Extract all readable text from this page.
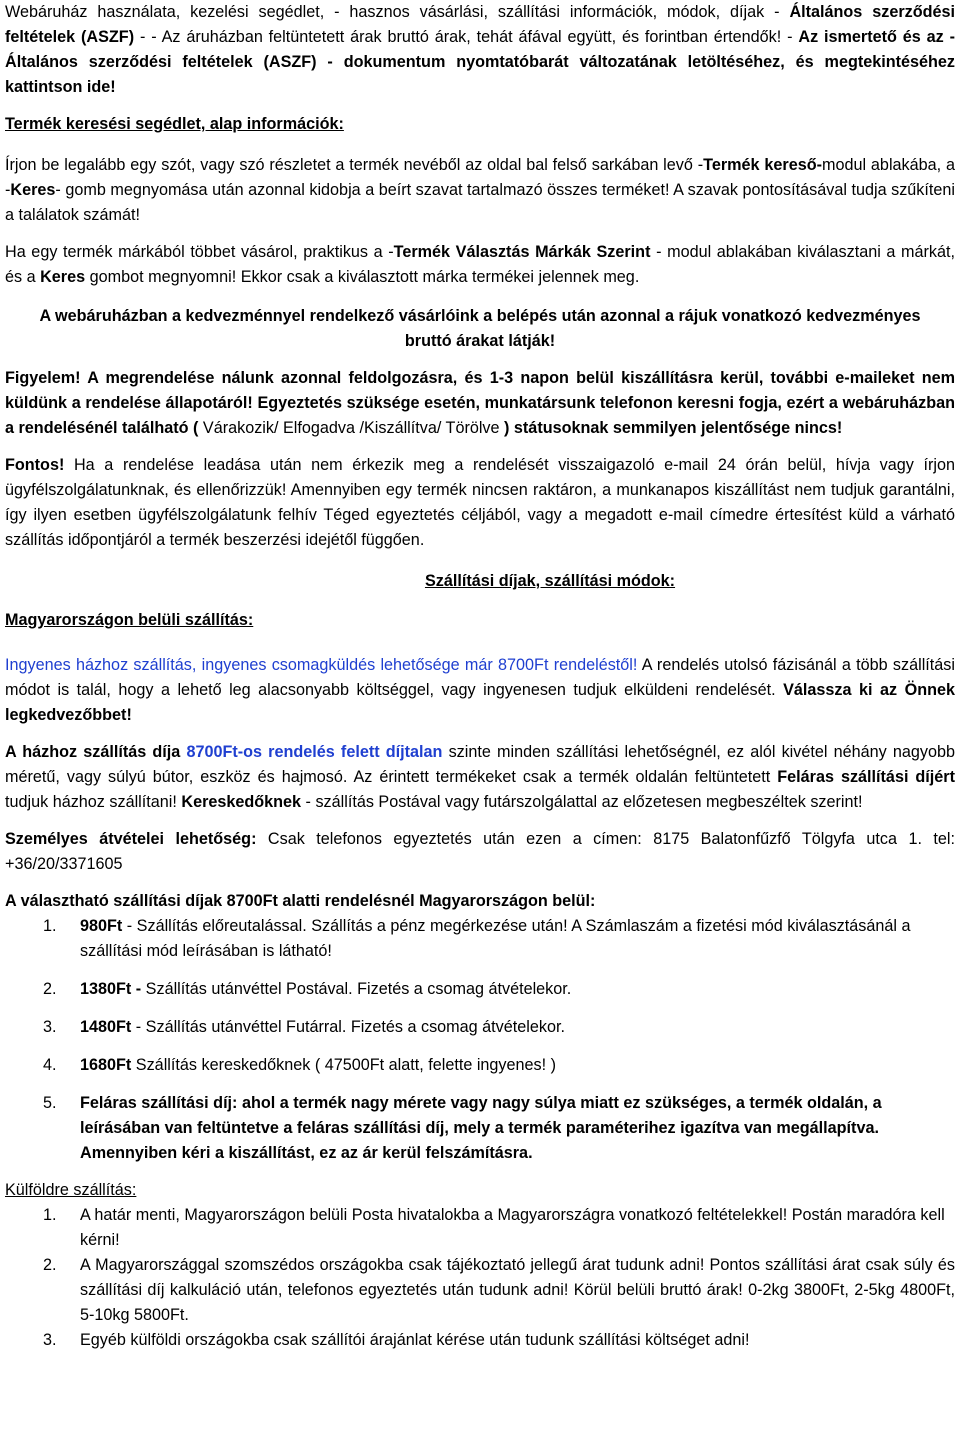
Webáruház használata, kezelési segédlet, - hasznos vásárlási, szállítási információk, módok, díjak - Általános szerződési feltételek (ASZF) - - Az áruházban feltüntetett árak bruttó árak, tehát áfával együtt, és forintban értendők! - Az ismertető és az - Általános szerződési feltételek (ASZF) - dokumentum nyomtatóbarát változatának letöltéséhez, és megtekintéséhez kattintson ide!

Termék keresési segédlet, alap információk:

Írjon be legalább egy szót, vagy szó részletet a termék nevéből az oldal bal felső sarkában levő -Termék kereső-modul ablakába, a -Keres- gomb megnyomása után azonnal kidobja a beírt szavat tartalmazó összes terméket! A szavak pontosításával tudja szűkíteni a találatok számát!

Ha egy termék márkából többet vásárol, praktikus a -Termék Választás Márkák Szerint - modul ablakában kiválasztani a márkát, és a Keres gombot megnyomni! Ekkor csak a kiválasztott márka termékei jelennek meg.

A webáruházban a kedvezménnyel rendelkező vásárlóink a belépés után azonnal a rájuk vonatkozó kedvezményes bruttó árakat látják!

Figyelem! A megrendelése nálunk azonnal feldolgozásra, és 1-3 napon belül kiszállításra kerül, további e-maileket nem küldünk a rendelése állapotáról! Egyeztetés szüksége esetén, munkatársunk telefonon keresni fogja, ezért a webáruházban a rendelésénél található ( Várakozik/ Elfogadva /Kiszállítva/ Törölve ) státusoknak semmilyen jelentősége nincs!

Fontos! Ha a rendelése leadása után nem érkezik meg a rendelését visszaigazoló e-mail 24 órán belül, hívja vagy írjon ügyfélszolgálatunknak, és ellenőrizzük! Amennyiben egy termék nincsen raktáron, a munkanapos kiszállítást nem tudjuk garantálni, így ilyen esetben ügyfélszolgálatunk felhív Téged egyeztetés céljából, vagy a megadott e-mail címedre értesítést küld a várható szállítás időpontjáról a termék beszerzési idejétől függően.

Szállítási díjak, szállítási módok:

Magyarországon belüli szállítás:

Ingyenes házhoz szállítás, ingyenes csomagküldés lehetősége már 8700Ft rendeléstől! A rendelés utolsó fázisánál a több szállítási módot is talál, hogy a lehető leg alacsonyabb költséggel, vagy ingyenesen tudjuk elküldeni rendelését. Válassza ki az Önnek legkedvezőbbet!

A házhoz szállítás díja 8700Ft-os rendelés felett díjtalan szinte minden szállítási lehetőségnél, ez alól kivétel néhány nagyobb méretű, vagy súlyú bútor, eszköz és hajmosó. Az érintett termékeket csak a termék oldalán feltüntetett Feláras szállítási díjért tudjuk házhoz szállítani! Kereskedőknek - szállítás Postával vagy futárszolgálattal az előzetesen megbeszéltek szerint!

Személyes átvételei lehetőség: Csak telefonos egyeztetés után ezen a címen: 8175 Balatonfűzfő Tölgyfa utca 1. tel: +36/20/3371605

A választható szállítási díjak 8700Ft alatti rendelésnél Magyarországon belül:

1.	980Ft - Szállítás előreutalással. Szállítás a pénz megérkezése után! A Számlaszám a fizetési mód kiválasztásánál a szállítási mód leírásában is látható!
2.	1380Ft - Szállítás utánvéttel Postával. Fizetés a csomag átvételekor.
3.	1480Ft - Szállítás utánvéttel Futárral. Fizetés a csomag átvételekor.
4.	1680Ft Szállítás kereskedőknek ( 47500Ft alatt, felette ingyenes! )
5.	Feláras szállítási díj: ahol a termék nagy mérete vagy nagy súlya miatt ez szükséges, a termék oldalán, a leírásában van feltüntetve a feláras szállítási díj, mely a termék paraméterihez igazítva van megállapítva. Amennyiben kéri a kiszállítást, ez az ár kerül felszámításra.

Külföldre szállítás:

1.	A határ menti, Magyarországon belüli Posta hivatalokba a Magyarországra vonatkozó feltételekkel! Postán maradóra kell kérni!
2.	A Magyarországgal szomszédos országokba csak tájékoztató jellegű árat tudunk adni! Pontos szállítási árat csak súly és szállítási díj kalkuláció után, telefonos egyeztetés után tudunk adni! Körül belüli bruttó árak! 0-2kg 3800Ft, 2-5kg 4800Ft, 5-10kg 5800Ft.
3.	Egyéb külföldi országokba csak szállítói árajánlat kérése után tudunk szállítási költséget adni!
